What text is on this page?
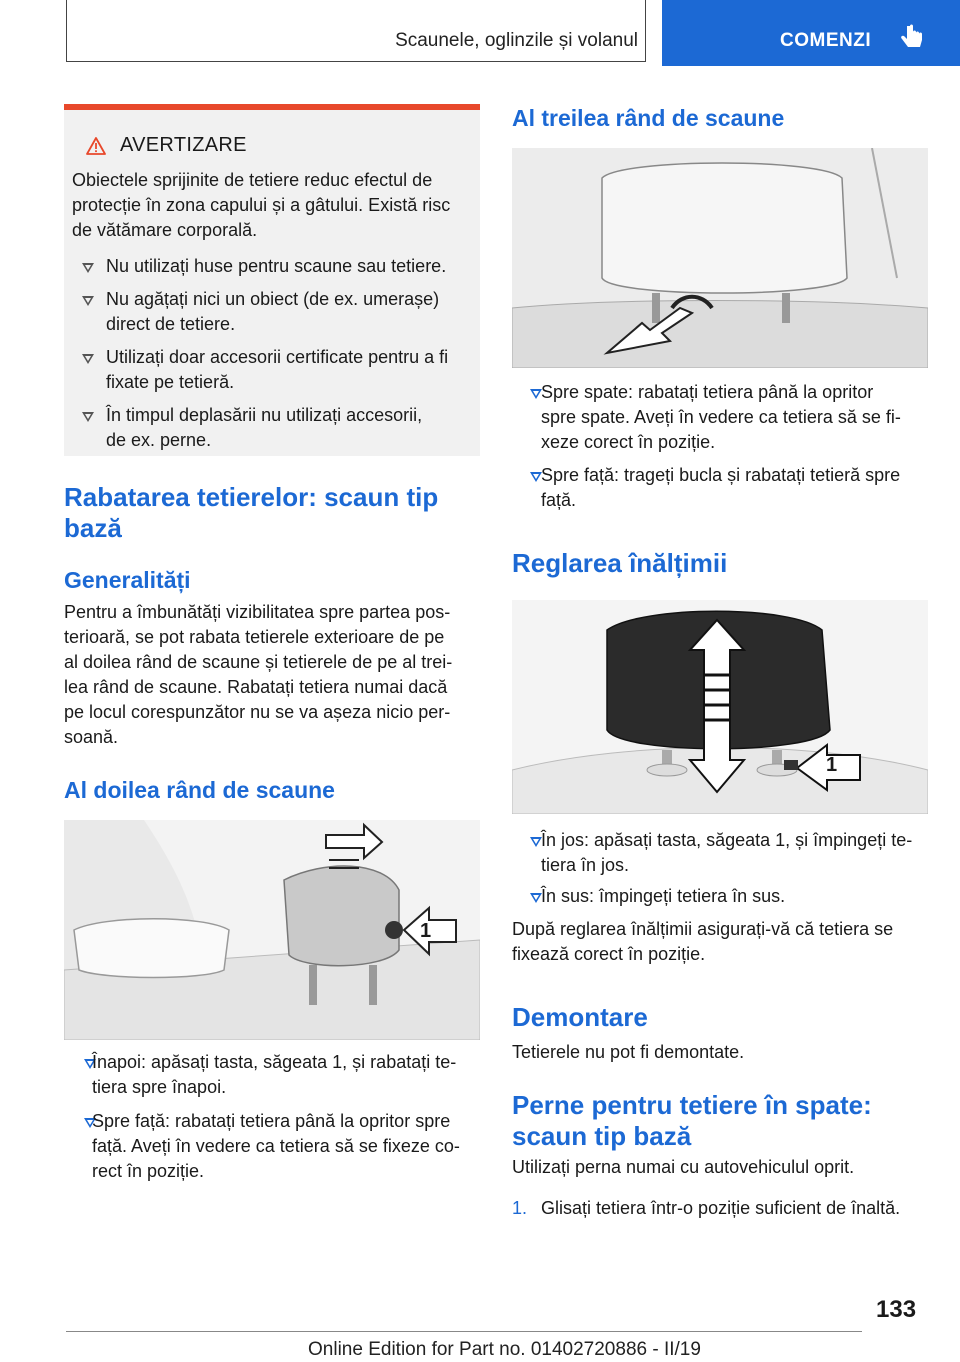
Scaunele, oglinzile și volanul	COMENZI
AVERTIZARE
Obiectele sprijinite de tetiere reduc efectul de protecție în zona capului și a gâtului. Există risc de vătămare corporală.
Nu utilizați huse pentru scaune sau tetiere.
Nu agățați nici un obiect (de ex. umerașe) direct de tetiere.
Utilizați doar accesorii certificate pentru a fi fixate pe tetieră.
În timpul deplasării nu utilizați accesorii, de ex. perne.
Rabatarea tetierelor: scaun tip
bază
Generalități
Pentru a îmbunătăți vizibilitatea spre partea pos-
terioară, se pot rabata tetierele exterioare de pe
al doilea rând de scaune și tetierele de pe al trei-
lea rând de scaune. Rabatați tetiera numai dacă
pe locul corespunzător nu se va așeza nicio per-
soană.
Al doilea rând de scaune
1
Înapoi: apăsați tasta, săgeata 1, și rabatați te-
tiera spre înapoi.
Spre față: rabatați tetiera până la opritor spre
față. Aveți în vedere ca tetiera să se fixeze co-
rect în poziție.
Al treilea rând de scaune
Spre spate: rabatați tetiera până la opritor
spre spate. Aveți în vedere ca tetiera să se fi-
xeze corect în poziție.
Spre față: trageți bucla și rabatați tetieră spre
față.
Reglarea înălțimii
1
În jos: apăsați tasta, săgeata 1, și împingeți te-
tiera în jos.
În sus: împingeți tetiera în sus.
După reglarea înălțimii asigurați-vă că tetiera se
fixează corect în poziție.
Demontare
Tetierele nu pot fi demontate.
Perne pentru tetiere în spate:
scaun tip bază
Utilizați perna numai cu autovehiculul oprit.
1. Glisați tetiera într-o poziție suficient de înaltă.
133
Online Edition for Part no. 01402720886 - II/19
